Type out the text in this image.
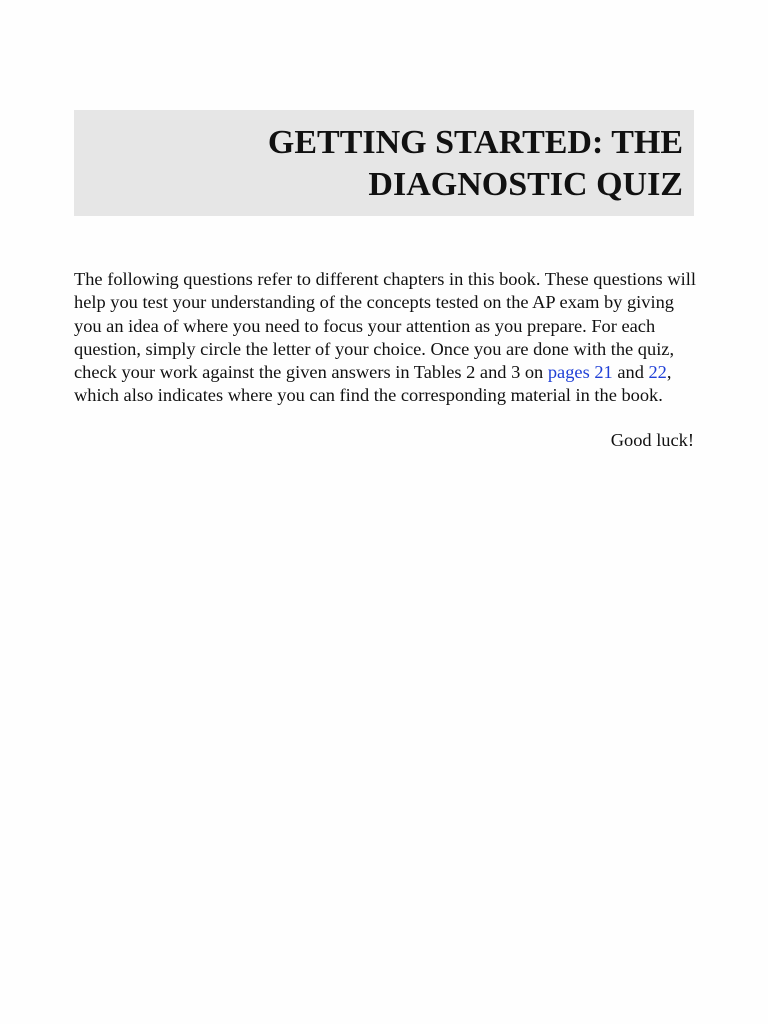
GETTING STARTED: THE
DIAGNOSTIC QUIZ

The following questions refer to different chapters in this book. These questions will help you test your understanding of the concepts tested on the AP exam by giving you an idea of where you need to focus your attention as you prepare. For each question, simply circle the letter of your choice. Once you are done with the quiz, check your work against the given answers in Tables 2 and 3 on pages 21 and 22, which also indicates where you can find the corresponding material in the book.

Good luck!
